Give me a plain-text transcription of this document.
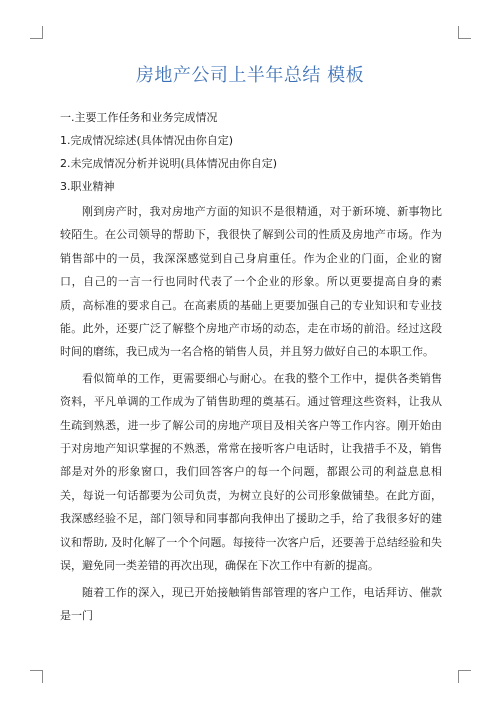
房地产公司上半年总结 模板
一.主要工作任务和业务完成情况
1.完成情况综述(具体情况由你自定)
2.未完成情况分析并说明(具体情况由你自定)
3.职业精神

刚到房产时，我对房地产方面的知识不是很精通，对于新环境、新事物比较陌生。在公司领导的帮助下，我很快了解到公司的性质及房地产市场。作为销售部中的一员，我深深感觉到自己身肩重任。作为企业的门面，企业的窗口，自己的一言一行也同时代表了一个企业的形象。所以更要提高自身的素质，高标准的要求自己。在高素质的基础上更要加强自己的专业知识和专业技能。此外，还要广泛了解整个房地产市场的动态，走在市场的前沿。经过这段时间的磨练，我已成为一名合格的销售人员，并且努力做好自己的本职工作。

看似简单的工作，更需要细心与耐心。在我的整个工作中，提供各类销售资料，平凡单调的工作成为了销售助理的奠基石。通过管理这些资料，让我从生疏到熟悉，进一步了解公司的房地产项目及相关客户等工作内容。刚开始由于对房地产知识掌握的不熟悉，常常在接听客户电话时，让我措手不及，销售部是对外的形象窗口，我们回答客户的每一个问题，都跟公司的利益息息相关，每说一句话都要为公司负责，为树立良好的公司形象做铺垫。在此方面，我深感经验不足，部门领导和同事都向我伸出了援助之手，给了我很多好的建议和帮助, 及时化解了一个个问题。每接待一次客户后，还要善于总结经验和失误，避免同一类差错的再次出现，确保在下次工作中有新的提高。

随着工作的深入，现已开始接触销售部管理的客户工作，电话拜访、催款是一门
